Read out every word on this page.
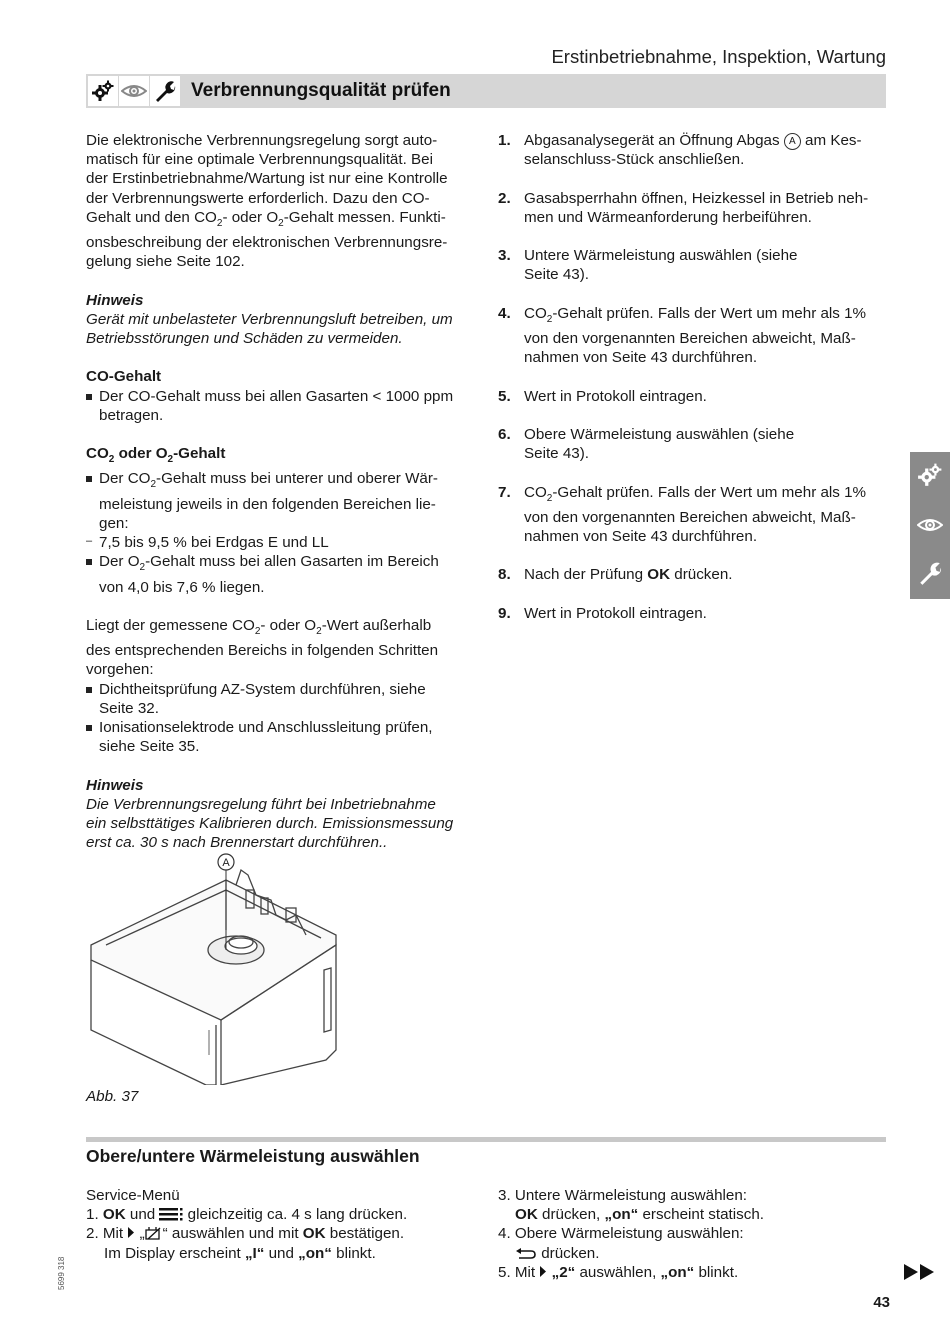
Erstinbetriebnahme, Inspektion, Wartung
Verbrennungsqualität prüfen

Die elektronische Verbrennungsregelung sorgt auto-

matisch für eine optimale Verbrennungsqualität. Bei

der Erstinbetriebnahme/Wartung ist nur eine Kontrolle

der Verbrennungswerte erforderlich. Dazu den CO-

Gehalt und den $CO_2-$ oder $O_2$-Gehalt messen. Funkti-

onsbeschreibung der elektronischen Verbrennungsre-

gelung siehe Seite 102.

Hinweis

Gerät mit unbelasteter Verbrennungsluft betreiben, um

Betriebsstörungen und Schäden zu vermeiden.

CO-Gehalt

Der CO-Gehalt muss bei allen Gasarten < 1000 ppm

betragen.

$CO_2$ oder $O_2$-Gehalt

Der $CO_2$-Gehalt muss bei unterer und oberer Wär-

meleistung jeweils in den folgenden Bereichen lie-

gen:

– 7,5 bis 9,5 % bei Erdgas E und LL

Der $O_2$-Gehalt muss bei allen Gasarten im Bereich

von 4,0 bis 7,6 % liegen.

Liegt der gemessene $CO_2-$ oder $O_2$-Wert außerhalb

des entsprechenden Bereichs in folgenden Schritten

vorgehen:

Dichtheitsprüfung AZ-System durchführen, siehe

Seite 32.

Ionisationselektrode und Anschlussleitung prüfen,

siehe Seite 35.

Hinweis

Die Verbrennungsregelung führt bei Inbetriebnahme

ein selbsttätiges Kalibrieren durch. Emissionsmessung

erst ca. 30 s nach Brennerstart durchführen..

A
Abb. 37
1. Abgasanalysegerät an Öffnung Abgas A am Kes-

selanschluss-Stück anschließen.

2. Gasabsperrhahn öffnen, Heizkessel in Betrieb neh-

men und Wärmeanforderung herbeiführen.

3. Untere Wärmeleistung auswählen (siehe

Seite 43).

4. $CO_2$-Gehalt prüfen. Falls der Wert um mehr als 1%

von den vorgenannten Bereichen abweicht, Maß-

nahmen von Seite 43 durchführen.

5. Wert in Protokoll eintragen.

6. Obere Wärmeleistung auswählen (siehe

Seite 43).

7. $CO_2$-Gehalt prüfen. Falls der Wert um mehr als 1%

von den vorgenannten Bereichen abweicht, Maß-

nahmen von Seite 43 durchführen.

8. Nach der Prüfung OK drücken.

9. Wert in Protokoll eintragen.

Obere/untere Wärmeleistung auswählen

Service-Menü

1. OK und  gleichzeitig ca. 4 s lang drücken.

2. Mit  „ “ auswählen und mit OK bestätigen.

Im Display erscheint „I“ und „on“ blinkt.

3. Untere Wärmeleistung auswählen:

OK drücken, „on“ erscheint statisch.

4. Obere Wärmeleistung auswählen:

drücken.

5. Mit  „2“ auswählen, „on“ blinkt.

5699 318
43
